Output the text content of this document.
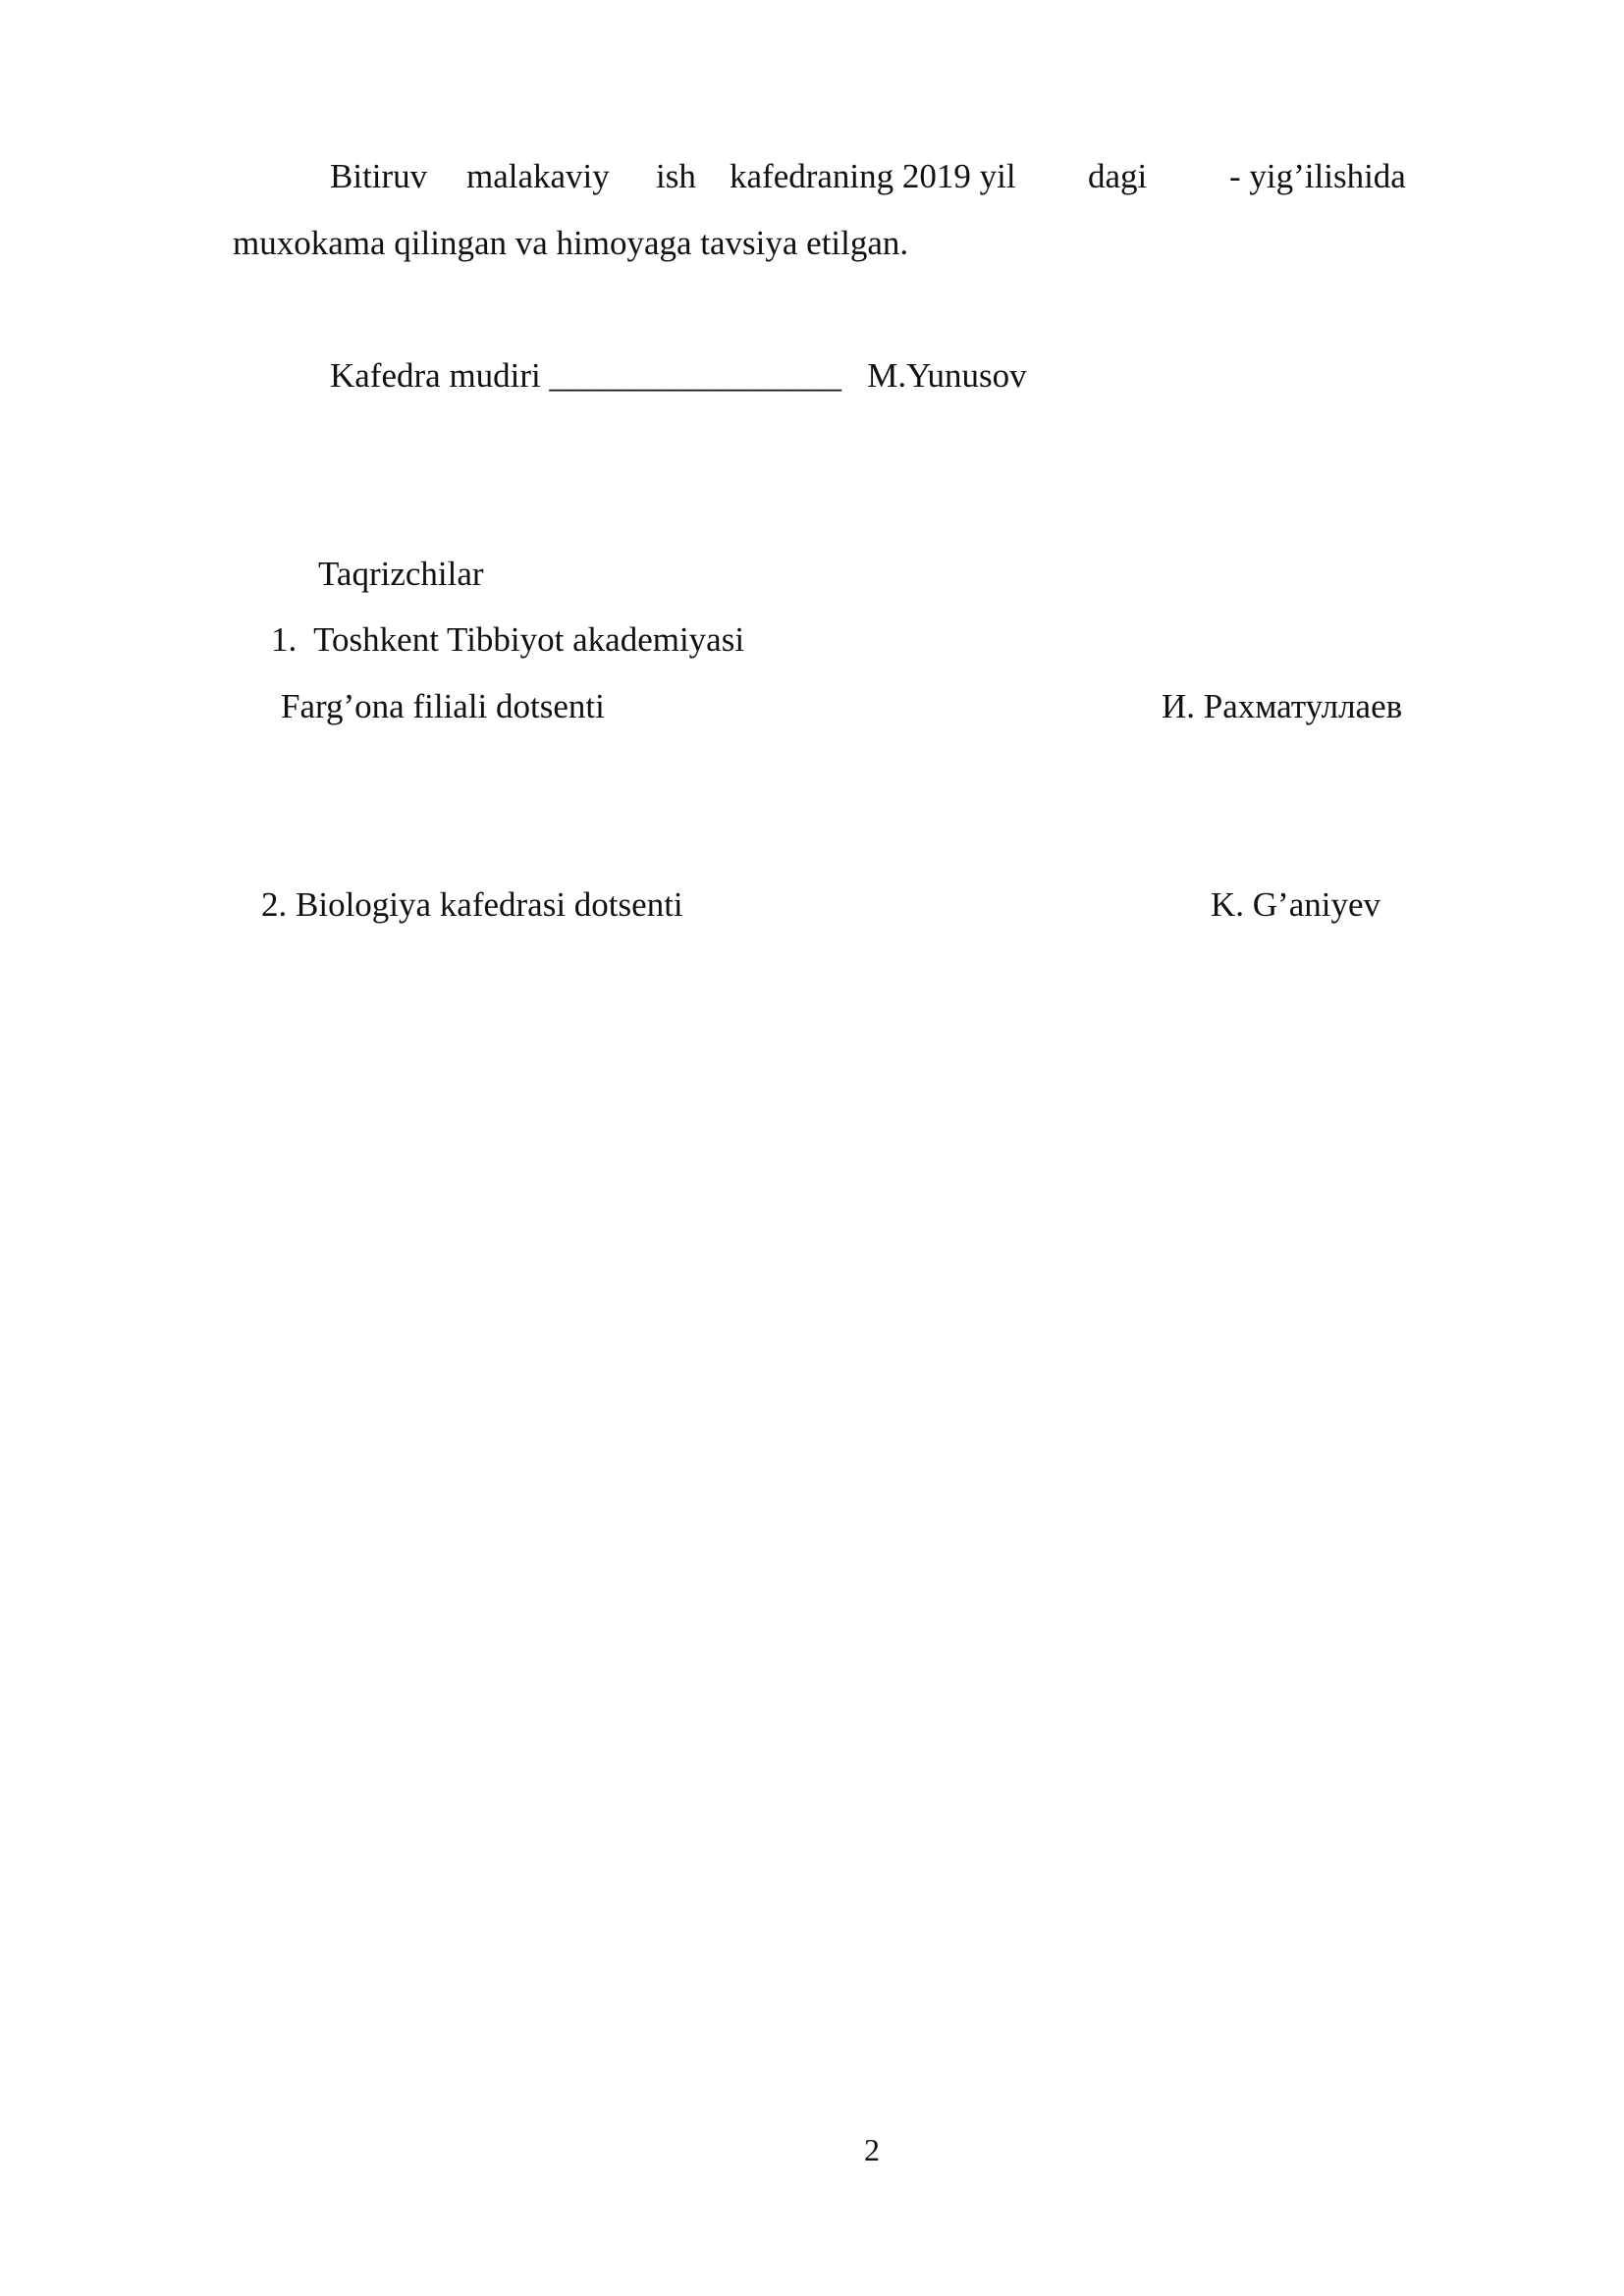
Bitiruv

malakaviy

ish

kafedraning 2019 yil

dagi

- yig’ilishida

muxokama qilingan va himoyaga tavsiya etilgan.
Kafedra mudiri _________________ M.Yunusov
Taqrizchilar
1.  Toshkent Tibbiyot akademiyasi
Farg’ona filiali dotsenti	И. Рахматуллаев
2. Biologiya kafedrasi dotsenti	K. G’aniyev
2
